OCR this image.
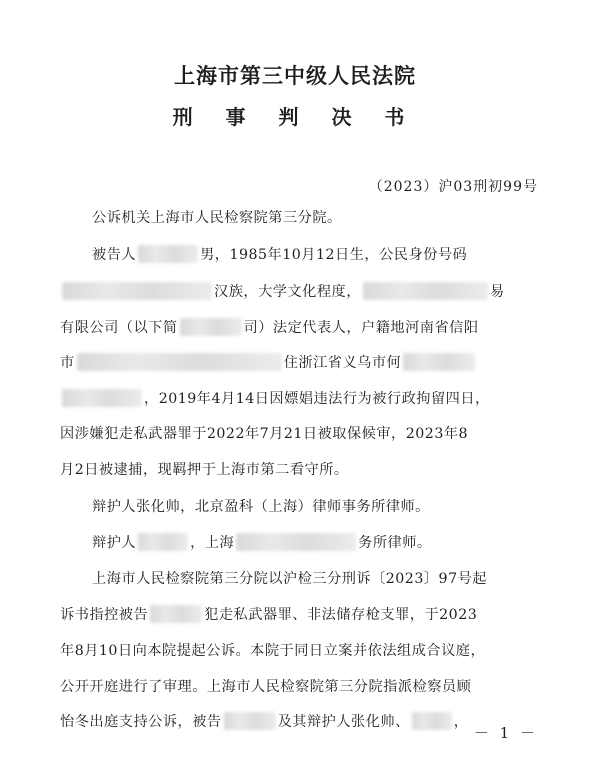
上海市第三中级人民法院
刑 事 判 决 书
（2023）沪03刑初99号
公诉机关上海市人民检察院第三分院。
被告人	男，1985年10月12日生，公民身份号码
汉族，大学文化程度，	易
有限公司（以下简	司）法定代表人，户籍地河南省信阳
市	住浙江省义乌市何
，2019年4月14日因嫖娼违法行为被行政拘留四日，
因涉嫌犯走私武器罪于2022年7月21日被取保候审，2023年8
月2日被逮捕，现羁押于上海市第二看守所。
辩护人张化帅，北京盈科（上海）律师事务所律师。
辩护人	，上海	务所律师。
上海市人民检察院第三分院以沪检三分刑诉〔2023〕97号起
诉书指控被告	犯走私武器罪、非法储存枪支罪，于2023
年8月10日向本院提起公诉。本院于同日立案并依法组成合议庭，
公开开庭进行了审理。上海市人民检察院第三分院指派检察员顾
怡冬出庭支持公诉，被告	及其辩护人张化帅、	，
－ 1 －
